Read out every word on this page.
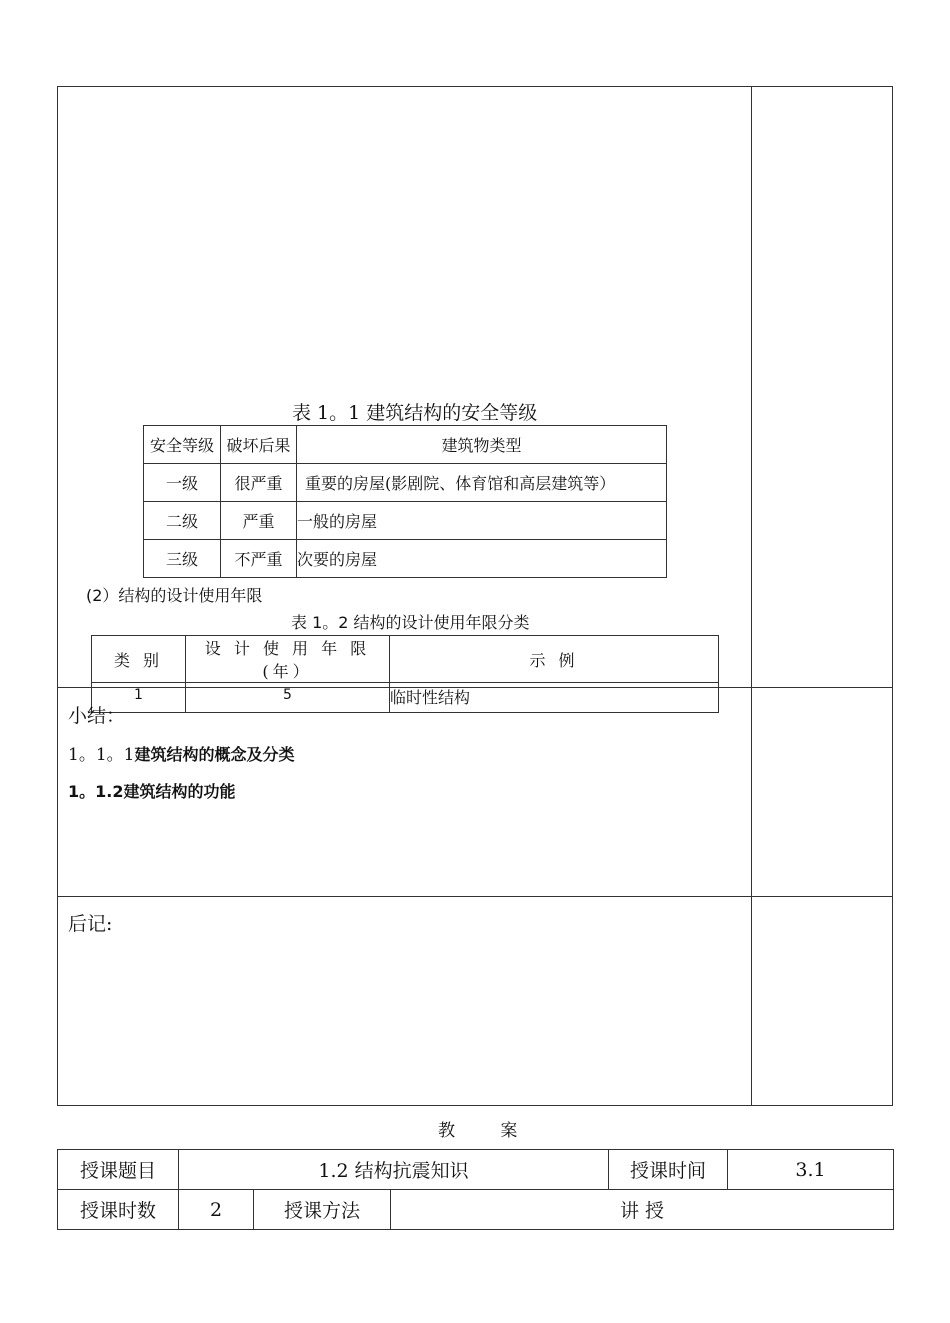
表 1。1 建筑结构的安全等级
安全等级	破坏后果	建筑物类型
一级	很严重	重要的房屋(影剧院、体育馆和高层建筑等）
二级	严重	一般的房屋
三级	不严重	次要的房屋
(2）结构的设计使用年限
表 1。2 结构的设计使用年限分类
类 别	设 计 使 用 年 限 (年）	示 例
1	5	临时性结构
小结：
1。1。1建筑结构的概念及分类
1。1.2建筑结构的功能
后记:
教 案
授课题目	1.2 结构抗震知识			授课时间	3.1
授课时数	2	授课方法	讲 授		
